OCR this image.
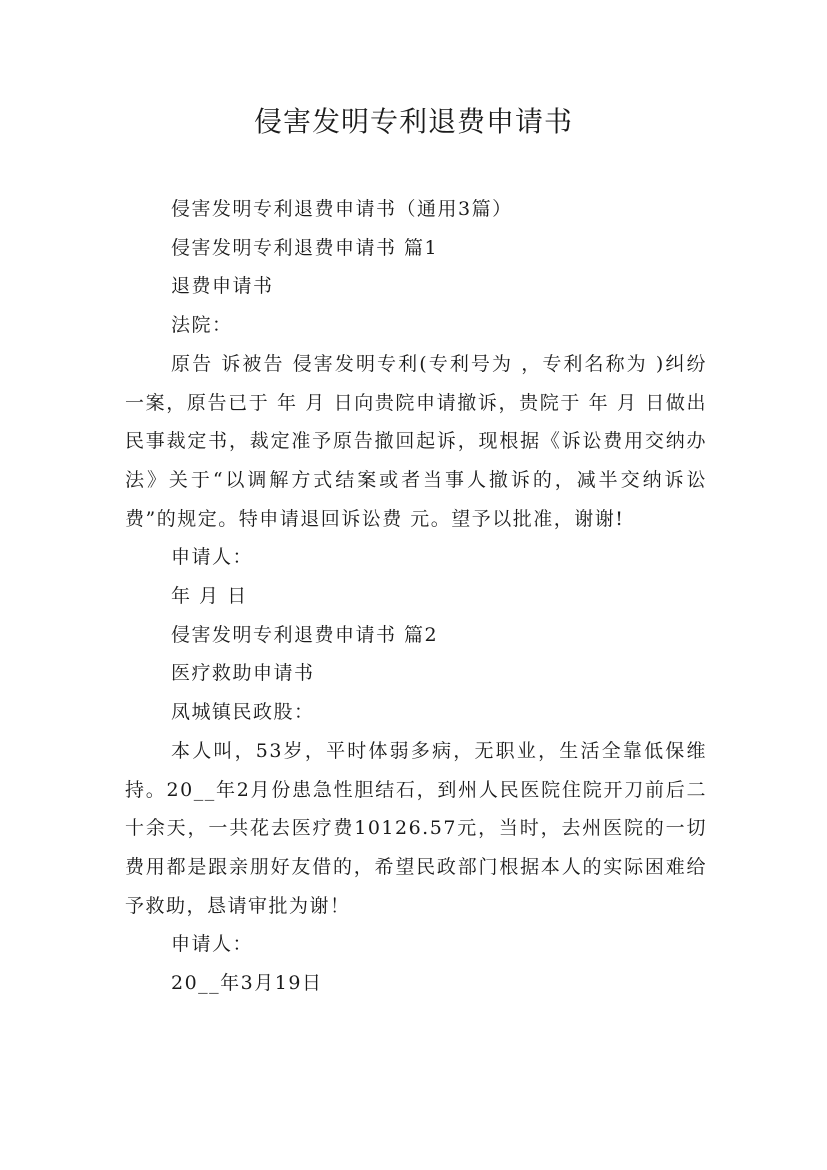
侵害发明专利退费申请书
侵害发明专利退费申请书（通用3篇）
侵害发明专利退费申请书 篇1
退费申请书
法院：

原告 诉被告 侵害发明专利(专利号为 ，专利名称为 )纠纷一案，原告已于 年 月 日向贵院申请撤诉，贵院于 年 月 日做出 民事裁定书，裁定准予原告撤回起诉，现根据《诉讼费用交纳办法》关于“以调解方式结案或者当事人撤诉的，减半交纳诉讼费”的规定。特申请退回诉讼费 元。望予以批准，谢谢!

申请人：
年 月 日
侵害发明专利退费申请书 篇2
医疗救助申请书
凤城镇民政股：

本人叫，53岁，平时体弱多病，无职业，生活全靠低保维持。20__年2月份患急性胆结石，到州人民医院住院开刀前后二十余天，一共花去医疗费10126.57元，当时，去州医院的一切费用都是跟亲朋好友借的，希望民政部门根据本人的实际困难给予救助，恳请审批为谢！

申请人：
20__年3月19日
